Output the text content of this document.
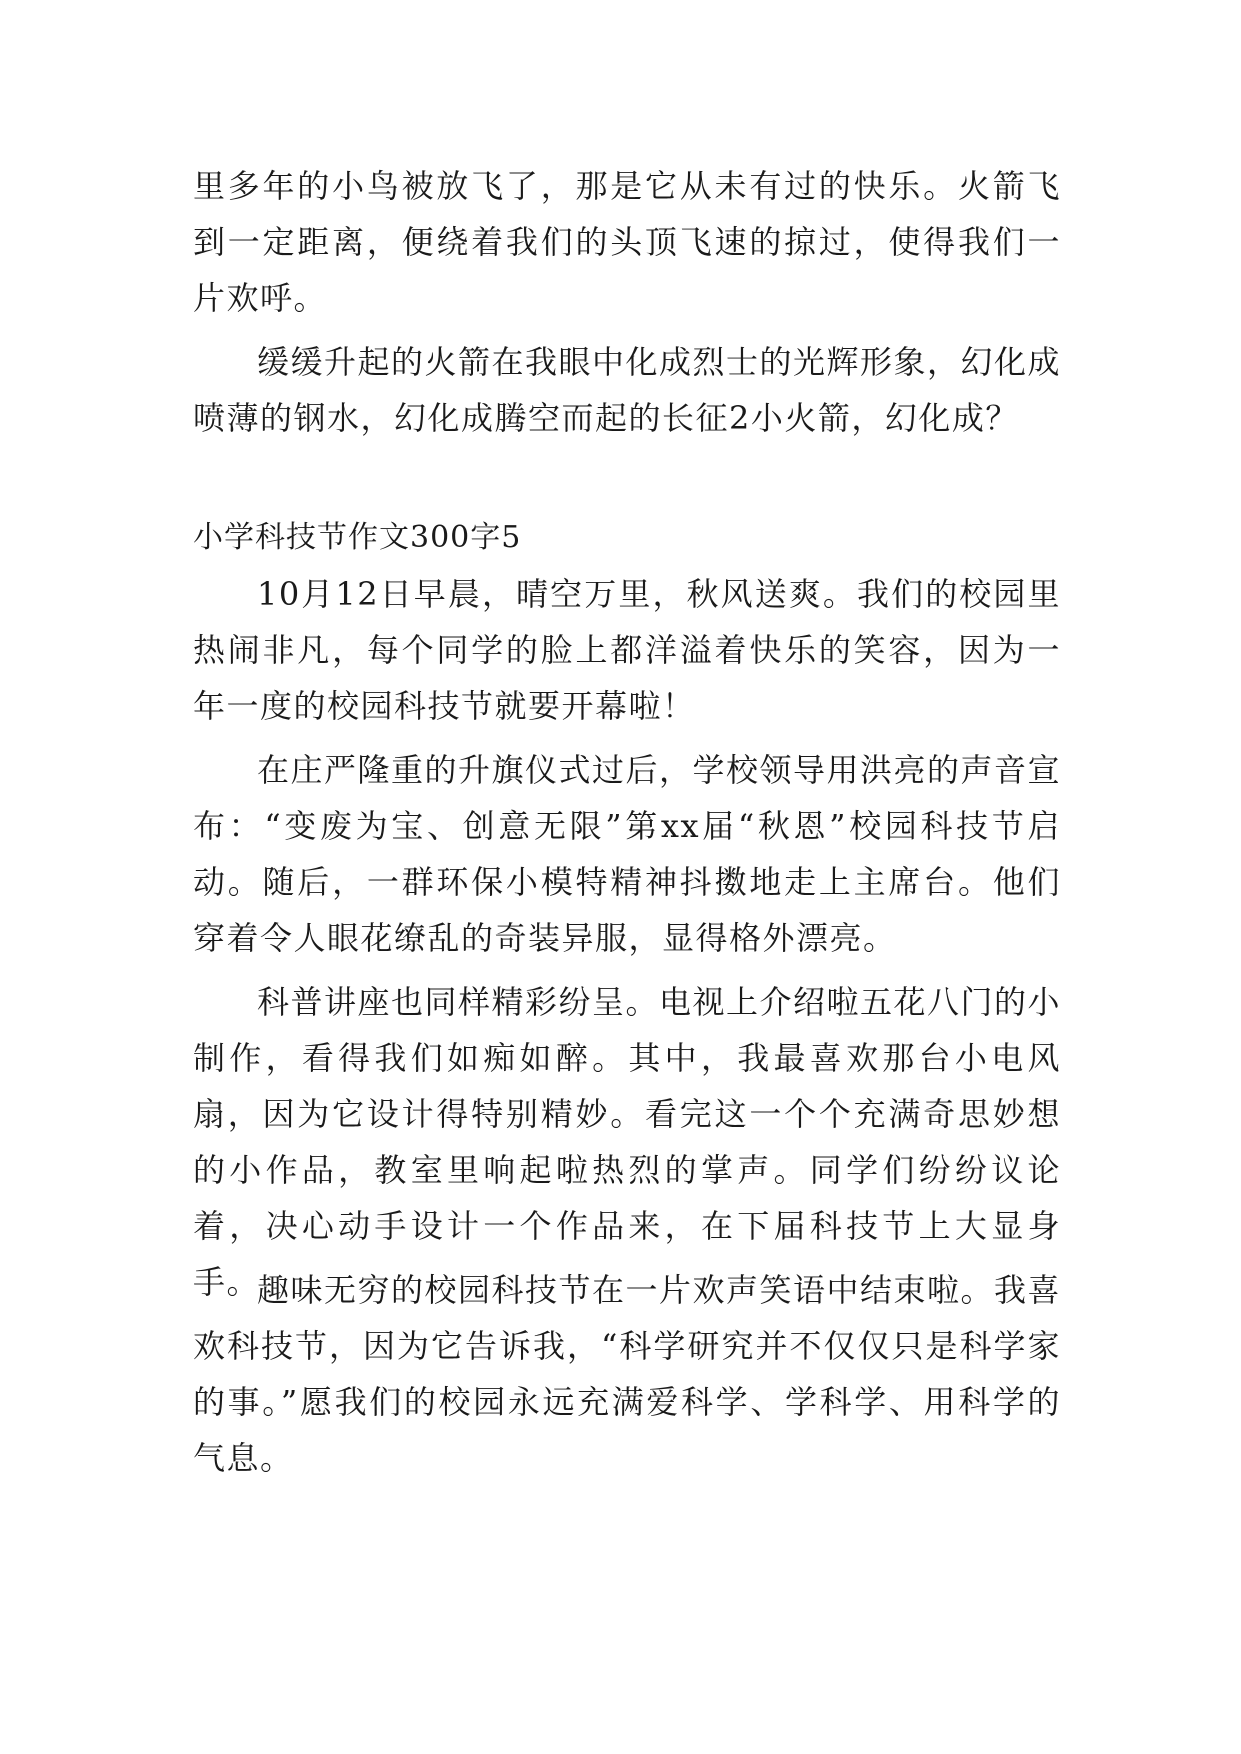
里多年的小鸟被放飞了，那是它从未有过的快乐。火箭飞到一定距离，便绕着我们的头顶飞速的掠过，使得我们一片欢呼。

缓缓升起的火箭在我眼中化成烈士的光辉形象，幻化成喷薄的钢水，幻化成腾空而起的长征2小火箭，幻化成？

小学科技节作文300字5

10月12日早晨，晴空万里，秋风送爽。我们的校园里热闹非凡，每个同学的脸上都洋溢着快乐的笑容，因为一年一度的校园科技节就要开幕啦！

在庄严隆重的升旗仪式过后，学校领导用洪亮的声音宣布：“变废为宝、创意无限”第xx届“秋恩”校园科技节启动。随后，一群环保小模特精神抖擞地走上主席台。他们穿着令人眼花缭乱的奇装异服，显得格外漂亮。

科普讲座也同样精彩纷呈。电视上介绍啦五花八门的小制作，看得我们如痴如醉。其中，我最喜欢那台小电风扇，因为它设计得特别精妙。看完这一个个充满奇思妙想的小作品，教室里响起啦热烈的掌声。同学们纷纷议论着，决心动手设计一个作品来，在下届科技节上大显身手。

趣味无穷的校园科技节在一片欢声笑语中结束啦。我喜欢科技节，因为它告诉我，“科学研究并不仅仅只是科学家的事。”愿我们的校园永远充满爱科学、学科学、用科学的气息。
